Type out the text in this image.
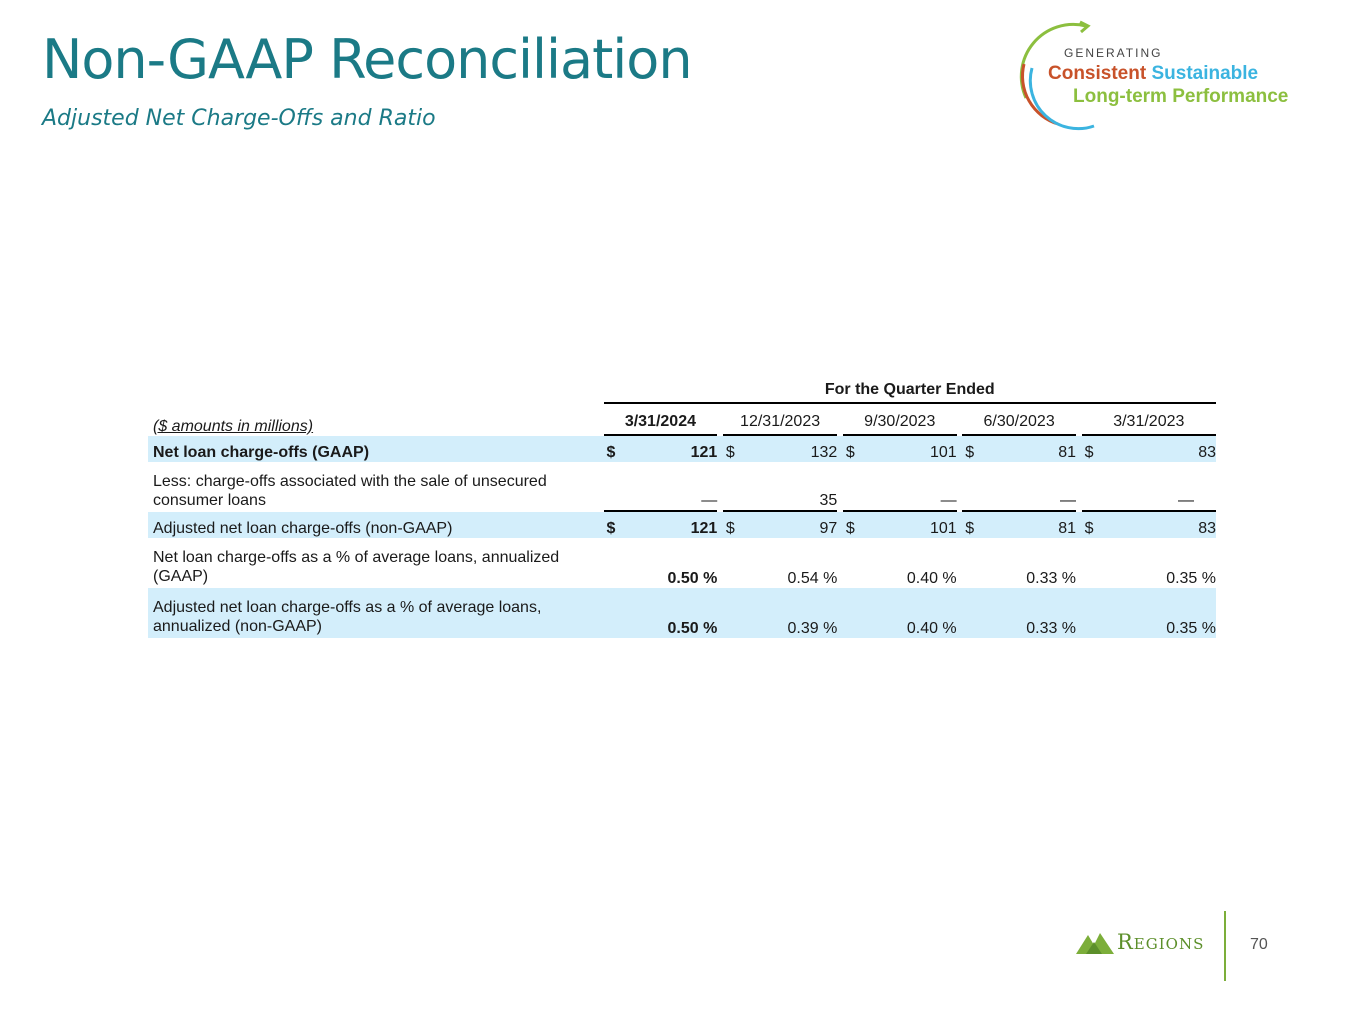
Non-GAAP Reconciliation
Adjusted Net Charge-Offs and Ratio
GENERATING
Consistent Sustainable
Long-term Performance
		For the Quarter Ended													
($ amounts in millions)		3/31/2024			12/31/2023			9/30/2023			6/30/2023			3/31/2023	
Net loan charge-offs (GAAP)		$	121		$	132		$	101		$	81		$	83
Less: charge-offs associated with the sale of unsecured consumer loans			—			35			—			—			—
Adjusted net loan charge-offs (non-GAAP)		$	121		$	97		$	101		$	81		$	83
Net loan charge-offs as a % of average loans, annualized (GAAP)		0.50 %			0.54 %			0.40 %			0.33 %			0.35 %	
Adjusted net loan charge-offs as a % of average loans, annualized (non-GAAP)		0.50 %			0.39 %			0.40 %			0.33 %			0.35 %	
Regions	70
